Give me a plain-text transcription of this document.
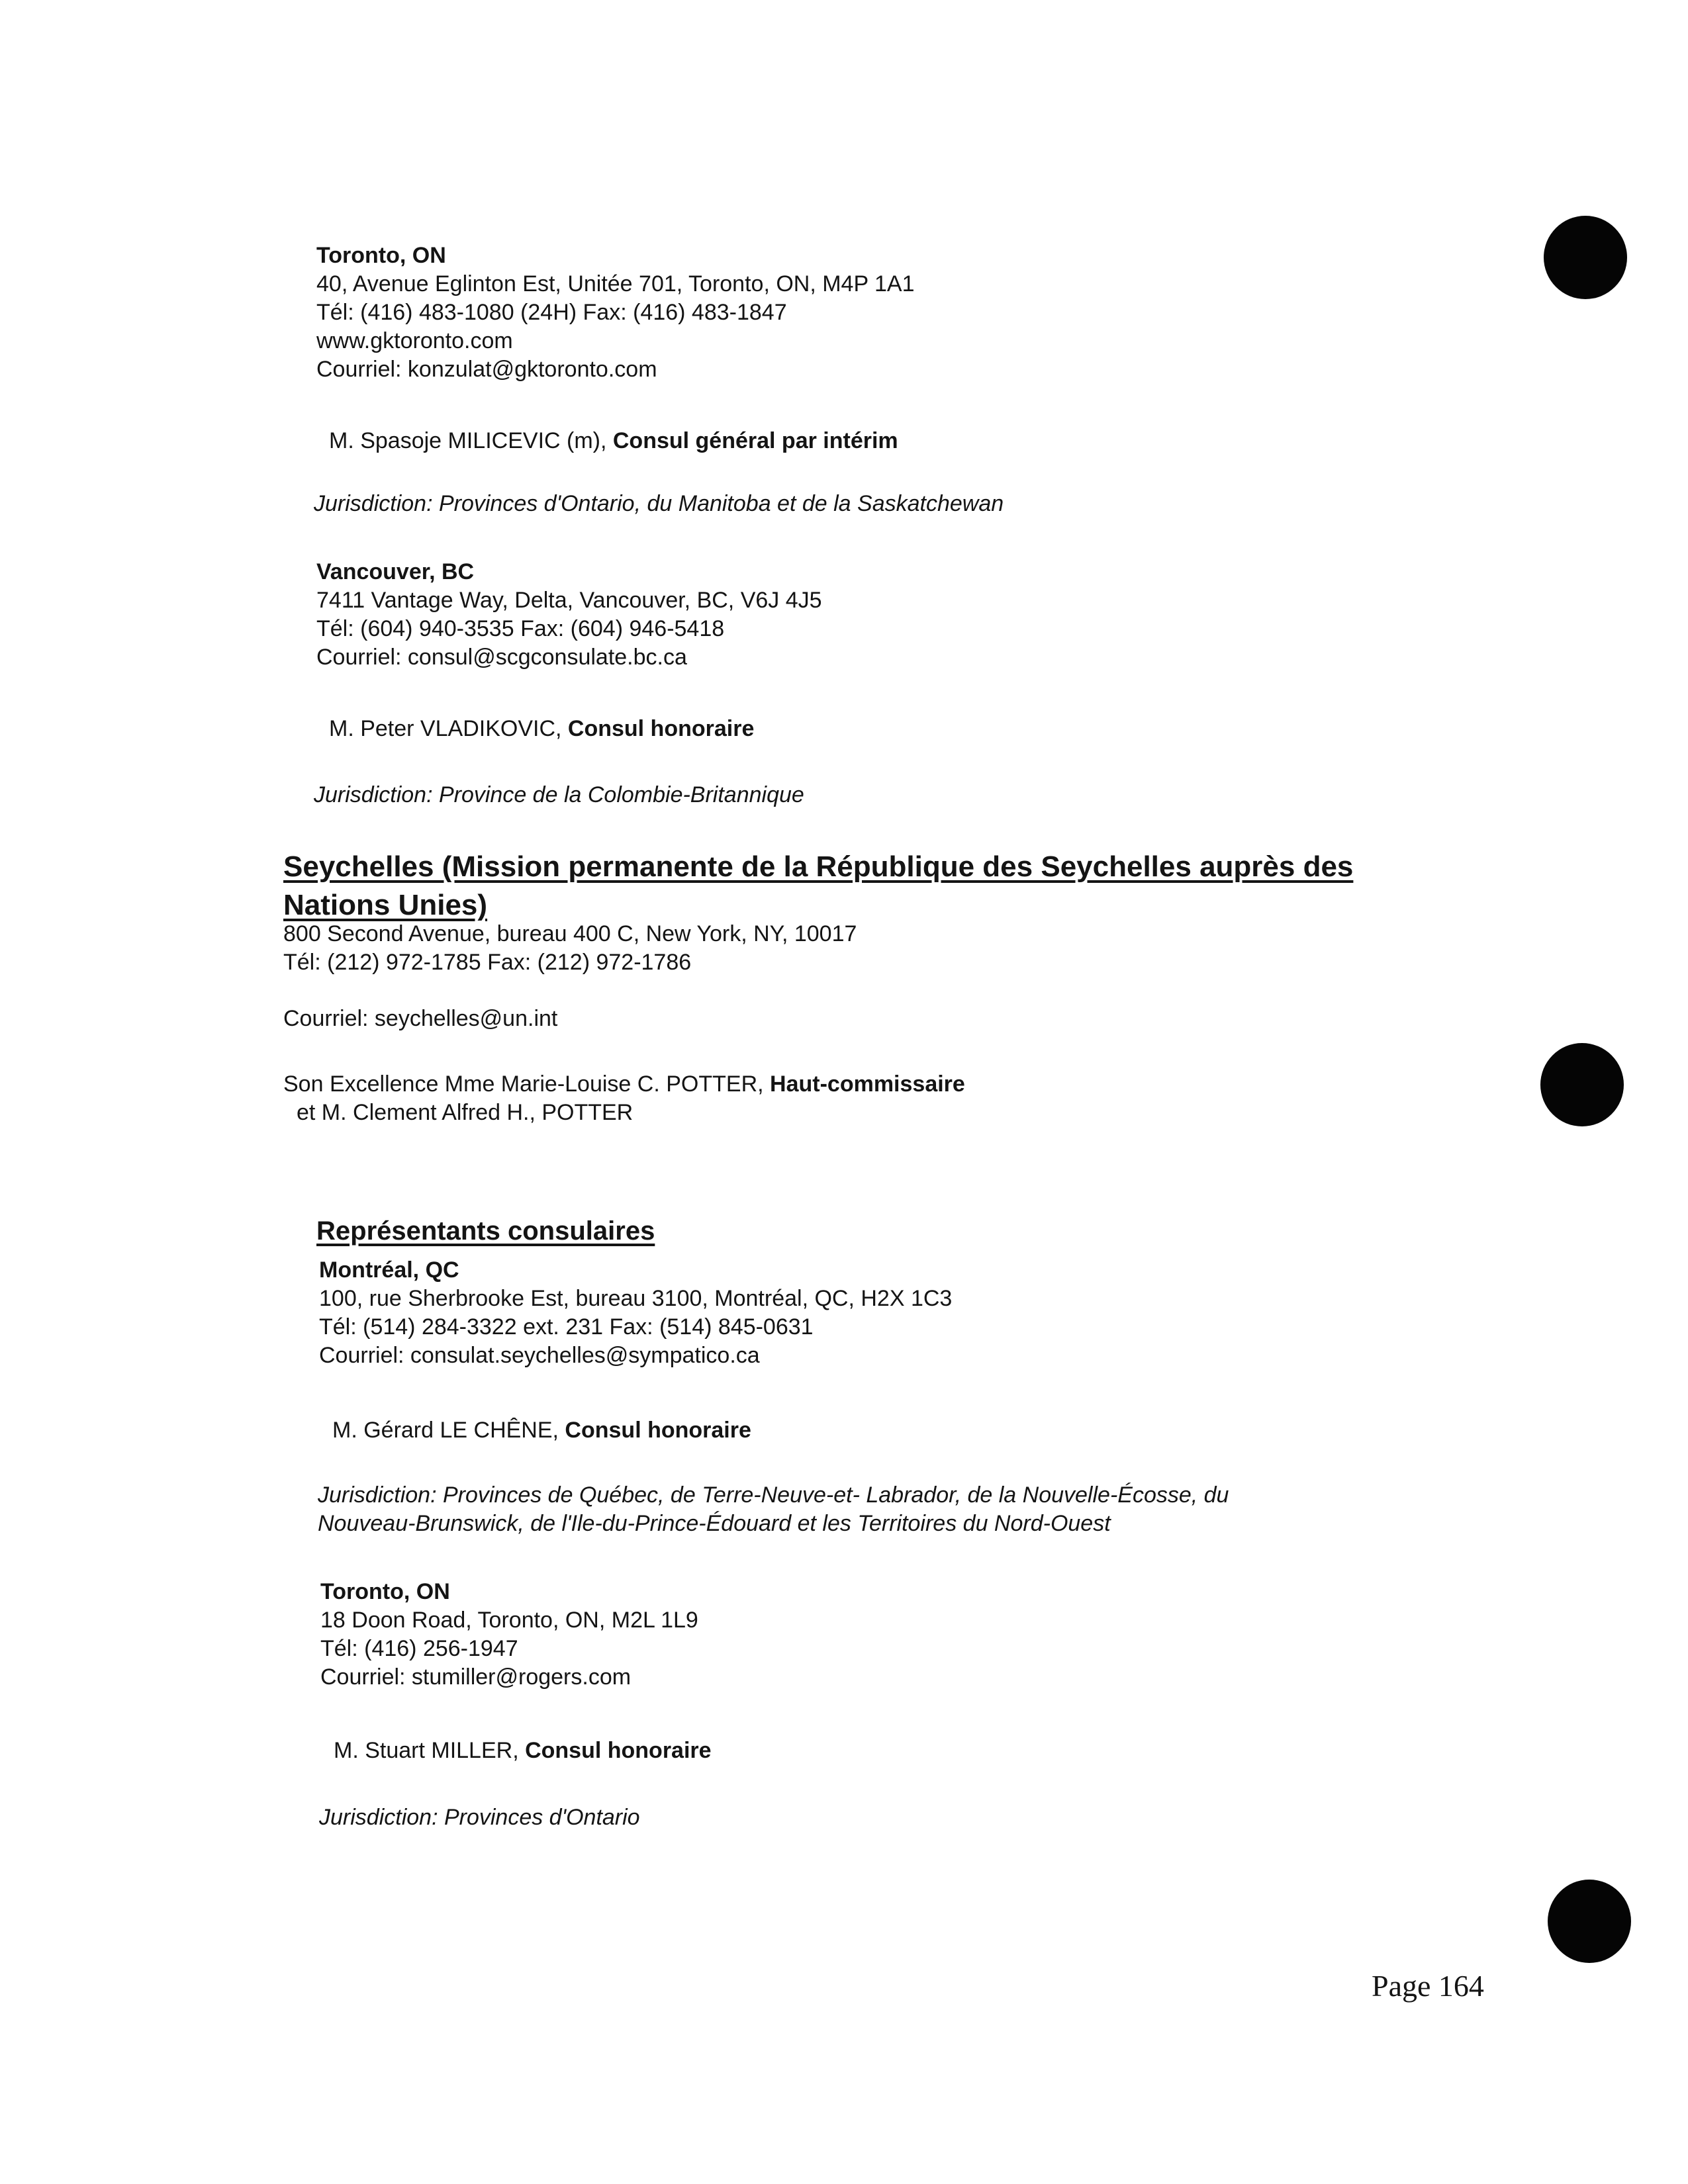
Toronto, ON
40, Avenue Eglinton Est, Unitée 701, Toronto, ON, M4P 1A1
Tél: (416) 483-1080 (24H) Fax: (416) 483-1847
www.gktoronto.com
Courriel: konzulat@gktoronto.com
M. Spasoje MILICEVIC (m), Consul général par intérim
Jurisdiction: Provinces d'Ontario, du Manitoba et de la Saskatchewan
Vancouver, BC
7411 Vantage Way, Delta, Vancouver, BC, V6J 4J5
Tél: (604) 940-3535 Fax: (604) 946-5418
Courriel: consul@scgconsulate.bc.ca
M. Peter VLADIKOVIC, Consul honoraire
Jurisdiction: Province de la Colombie-Britannique
Seychelles (Mission permanente de la République des Seychelles auprès des
Nations Unies)
800 Second Avenue, bureau 400 C, New York, NY, 10017
Tél: (212) 972-1785 Fax: (212) 972-1786
Courriel: seychelles@un.int
Son Excellence Mme Marie-Louise C. POTTER, Haut-commissaire
et M. Clement Alfred H., POTTER
Représentants consulaires
Montréal, QC
100, rue Sherbrooke Est, bureau 3100, Montréal, QC, H2X 1C3
Tél: (514) 284-3322 ext. 231 Fax: (514) 845-0631
Courriel: consulat.seychelles@sympatico.ca
M. Gérard LE CHÊNE, Consul honoraire
Jurisdiction: Provinces de Québec, de Terre-Neuve-et- Labrador, de la Nouvelle-Écosse, du
Nouveau-Brunswick, de l'Ile-du-Prince-Édouard et les Territoires du Nord-Ouest
Toronto, ON
18 Doon Road, Toronto, ON, M2L 1L9
Tél: (416) 256-1947
Courriel: stumiller@rogers.com
M. Stuart MILLER, Consul honoraire
Jurisdiction: Provinces d'Ontario
Page 164
